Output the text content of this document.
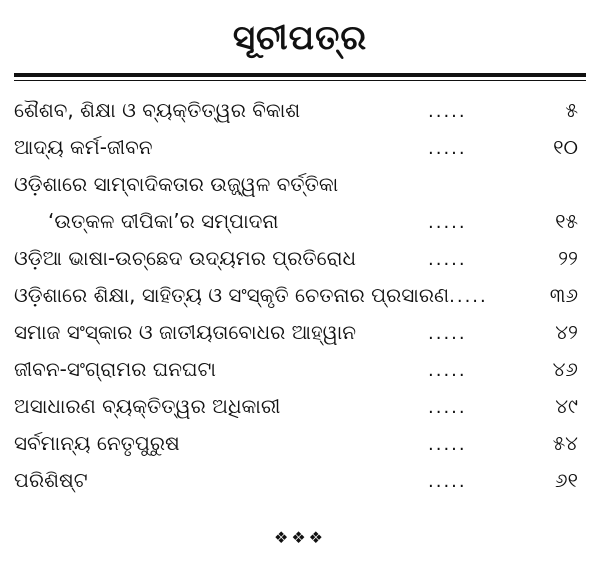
ସୂଚୀପତ୍ର
ଶୈଶବ, ଶିକ୍ଷା ଓ ବ୍ୟକ୍ତିତ୍ୱର ବିକାଶ	.....	୫
ଆଦ୍ୟ କର୍ମ-ଜୀବନ	.....	୧୦
ଓଡ଼ିଶାରେ ସାମ୍ବାଦିକତାର ଉଜ୍ଜ୍ୱଳ ବର୍ତ୍ତିକା
‘ଉତ୍କଳ ଦୀପିକା’ର ସମ୍ପାଦନା	.....	୧୫
ଓଡ଼ିଆ ଭାଷା-ଉଚ୍ଛେଦ ଉଦ୍ୟମର ପ୍ରତିରୋଧ	.....	୨୨
ଓଡ଼ିଶାରେ ଶିକ୍ଷା, ସାହିତ୍ୟ ଓ ସଂସ୍କୃତି ଚେତନାର ପ୍ରସାରଣ .....	୩୬
ସମାଜ ସଂସ୍କାର ଓ ଜାତୀୟତାବୋଧର ଆହ୍ୱାନ	.....	୪୨
ଜୀବନ-ସଂଗ୍ରାମର ଘନଘଟା	.....	୪୬
ଅସାଧାରଣ ବ୍ୟକ୍ତିତ୍ୱର ଅଧିକାରୀ	.....	୪୯
ସର୍ବମାନ୍ୟ ନେତୃପୁରୁଷ	.....	୫୪
ପରିଶିଷ୍ଟ	.....	୬୧
❖❖❖
